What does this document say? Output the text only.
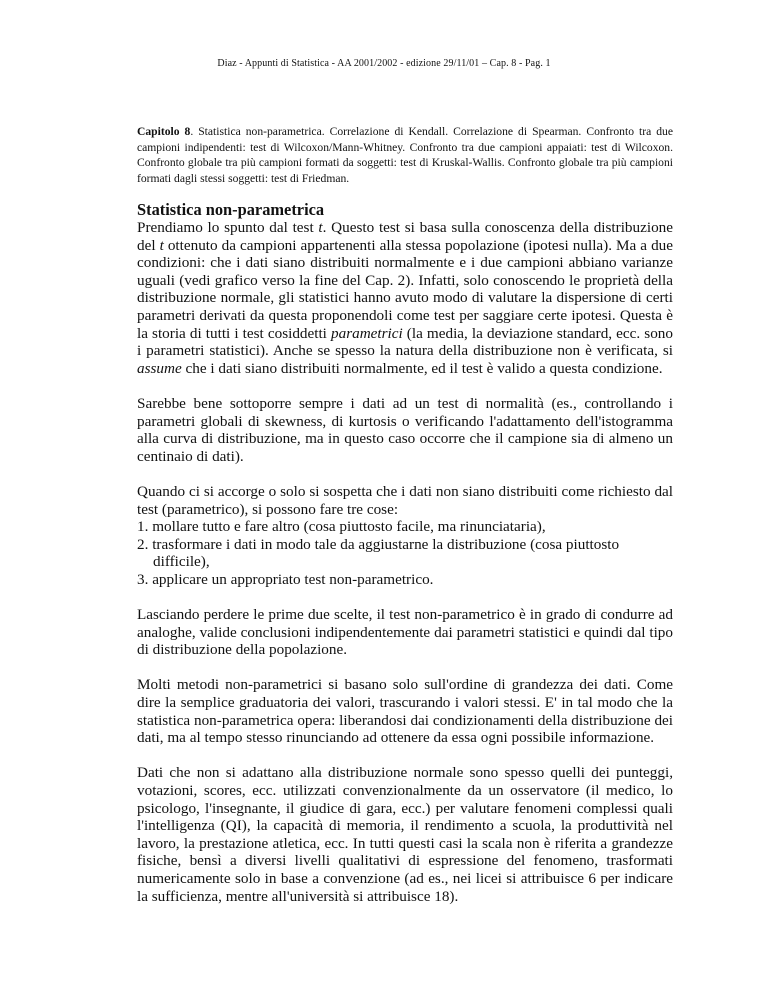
Diaz - Appunti di Statistica - AA 2001/2002 - edizione 29/11/01 – Cap. 8 - Pag. 1
Capitolo 8. Statistica non-parametrica. Correlazione di Kendall. Correlazione di Spearman. Confronto tra due campioni indipendenti: test di Wilcoxon/Mann-Whitney. Confronto tra due campioni appaiati: test di Wilcoxon. Confronto globale tra più campioni formati da soggetti: test di Kruskal-Wallis. Confronto globale tra più campioni formati dagli stessi soggetti: test di Friedman.
Statistica non-parametrica

Prendiamo lo spunto dal test t. Questo test si basa sulla conoscenza della distribuzione del t ottenuto da campioni appartenenti alla stessa popolazione (ipotesi nulla). Ma a due condizioni: che i dati siano distribuiti normalmente e i due campioni abbiano varianze uguali (vedi grafico verso la fine del Cap. 2). Infatti, solo conoscendo le proprietà della distribuzione normale, gli statistici hanno avuto modo di valutare la dispersione di certi parametri derivati da questa proponendoli come test per saggiare certe ipotesi. Questa è la storia di tutti i test cosiddetti parametrici (la media, la deviazione standard, ecc. sono i parametri statistici). Anche se spesso la natura della distribuzione non è verificata, si assume che i dati siano distribuiti normalmente, ed il test è valido a questa condizione.

Sarebbe bene sottoporre sempre i dati ad un test di normalità (es., controllando i parametri globali di skewness, di kurtosis o verificando l'adattamento dell'istogramma alla curva di distribuzione, ma in questo caso occorre che il campione sia di almeno un centinaio di dati).

Quando ci si accorge o solo si sospetta che i dati non siano distribuiti come richiesto dal test (parametrico), si possono fare tre cose:

1. mollare tutto e fare altro (cosa piuttosto facile, ma rinunciataria),
2. trasformare i dati in modo tale da aggiustarne la distribuzione (cosa piuttosto
difficile),
3. applicare un appropriato test non-parametrico.

Lasciando perdere le prime due scelte, il test non-parametrico è in grado di condurre ad analoghe, valide conclusioni indipendentemente dai parametri statistici e quindi dal tipo di distribuzione della popolazione.

Molti metodi non-parametrici si basano solo sull'ordine di grandezza dei dati. Come dire la semplice graduatoria dei valori, trascurando i valori stessi. E' in tal modo che la statistica non-parametrica opera: liberandosi dai condizionamenti della distribuzione dei dati, ma al tempo stesso rinunciando ad ottenere da essa ogni possibile informazione.

Dati che non si adattano alla distribuzione normale sono spesso quelli dei punteggi, votazioni, scores, ecc. utilizzati convenzionalmente da un osservatore (il medico, lo psicologo, l'insegnante, il giudice di gara, ecc.) per valutare fenomeni complessi quali l'intelligenza (QI), la capacità di memoria, il rendimento a scuola, la produttività nel lavoro, la prestazione atletica, ecc. In tutti questi casi la scala non è riferita a grandezze fisiche, bensì a diversi livelli qualitativi di espressione del fenomeno, trasformati numericamente solo in base a convenzione (ad es., nei licei si attribuisce 6 per indicare la sufficienza, mentre all'università si attribuisce 18).
